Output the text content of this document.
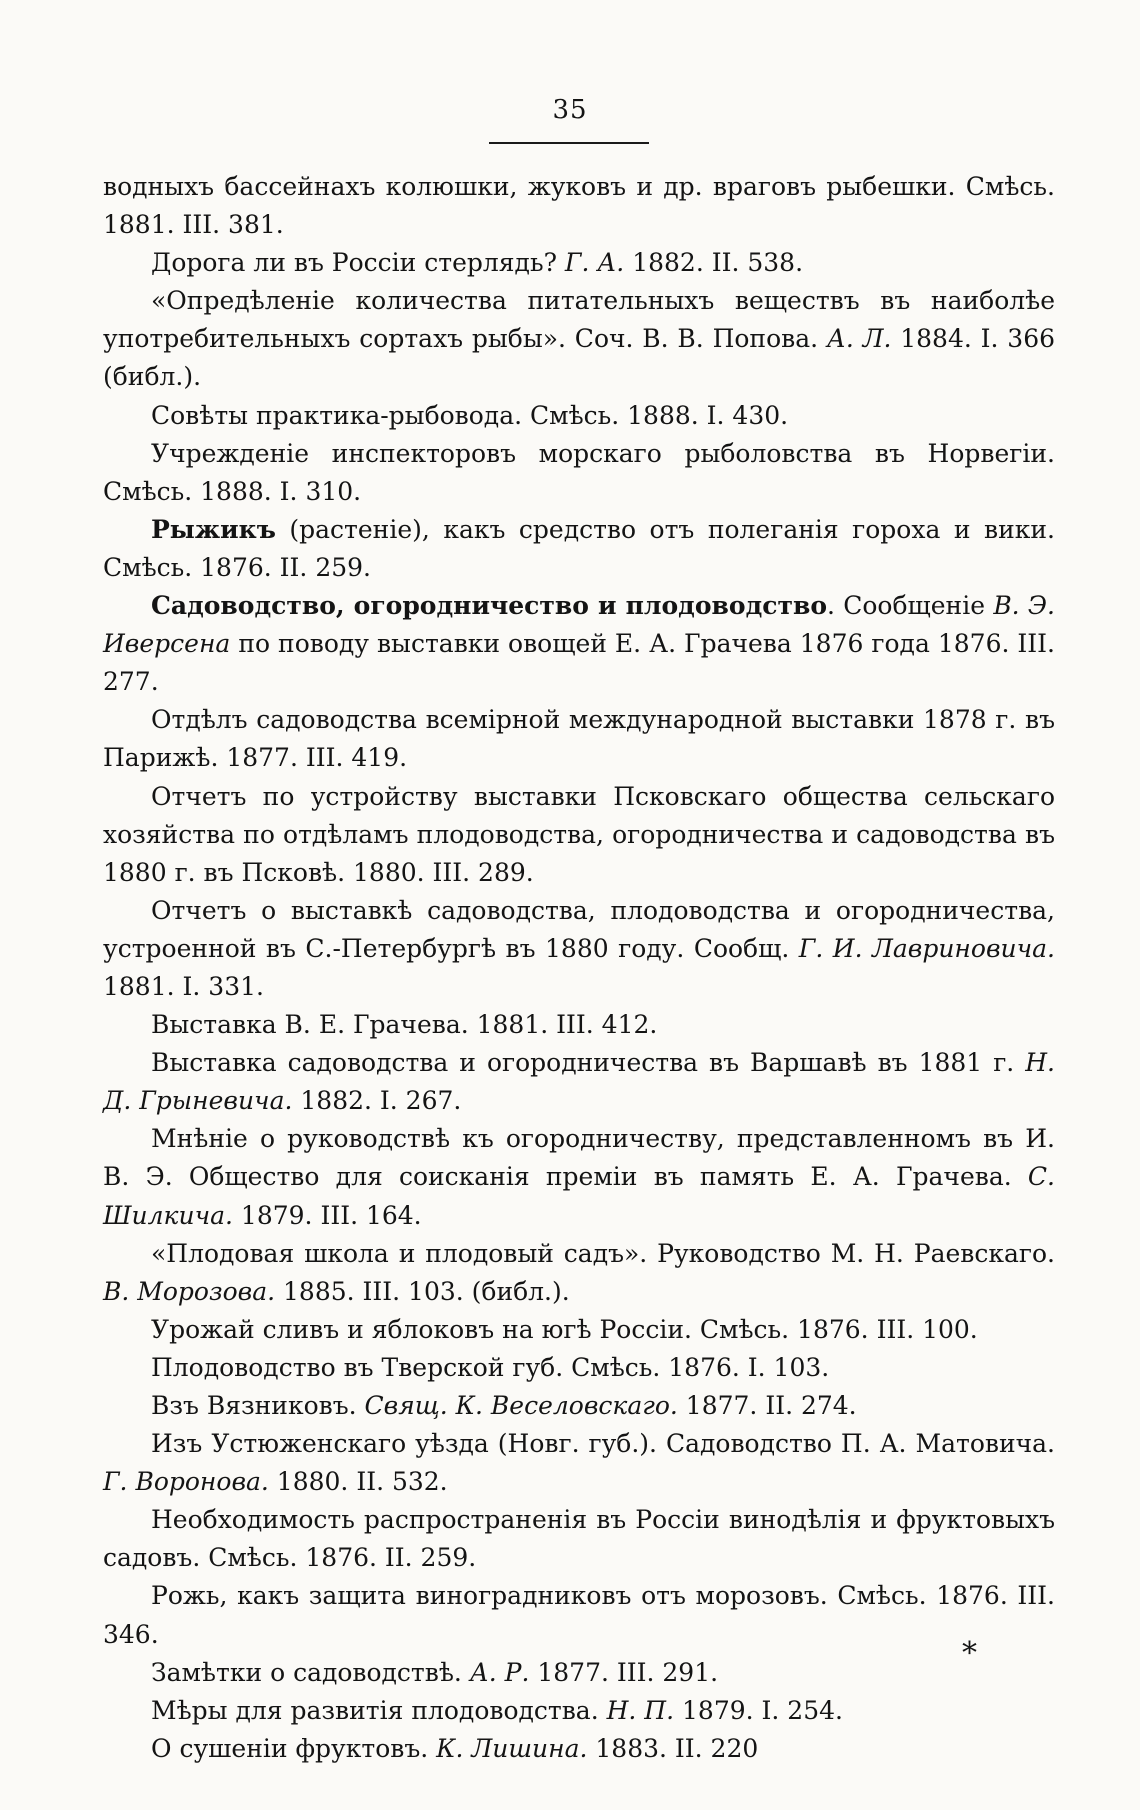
35

водныхъ бассейнахъ колюшки, жуковъ и др. враговъ рыбешки. Смѣсь. 1881. III. 381.

Дорога ли въ Россіи стерлядь? Г. А. 1882. II. 538.

«Опредѣленіе количества питательныхъ веществъ въ наиболѣе употребительныхъ сортахъ рыбы». Соч. В. В. Попова. А. Л. 1884. I. 366 (библ.).

Совѣты практика-рыбовода. Смѣсь. 1888. I. 430.

Учрежденіе инспекторовъ морскаго рыболовства въ Норвегіи. Смѣсь. 1888. I. 310.

Рыжикъ (растеніе), какъ средство отъ полеганія гороха и вики. Смѣсь. 1876. II. 259.

Садоводство, огородничество и плодоводство. Сообщеніе В. Э. Иверсена по поводу выставки овощей Е. А. Грачева 1876 года 1876. III. 277.

Отдѣлъ садоводства всемірной международной выставки 1878 г. въ Парижѣ. 1877. III. 419.

Отчетъ по устройству выставки Псковскаго общества сельскаго хозяйства по отдѣламъ плодоводства, огородничества и садоводства въ 1880 г. въ Псковѣ. 1880. III. 289.

Отчетъ о выставкѣ садоводства, плодоводства и огородничества, устроенной въ С.-Петербургѣ въ 1880 году. Сообщ. Г. И. Лавриновича. 1881. I. 331.

Выставка В. Е. Грачева. 1881. III. 412.

Выставка садоводства и огородничества въ Варшавѣ въ 1881 г. Н. Д. Грыневича. 1882. I. 267.

Мнѣніе о руководствѣ къ огородничеству, представленномъ въ И. В. Э. Общество для соисканія преміи въ память Е. А. Грачева. С. Шилкича. 1879. III. 164.

«Плодовая школа и плодовый садъ». Руководство М. Н. Раевскаго. В. Морозова. 1885. III. 103. (библ.).

Урожай сливъ и яблоковъ на югѣ Россіи. Смѣсь. 1876. III. 100.

Плодоводство въ Тверской губ. Смѣсь. 1876. I. 103.

Взъ Вязниковъ. Свящ. К. Веселовскаго. 1877. II. 274.

Изъ Устюженскаго уѣзда (Новг. губ.). Садоводство П. А. Матовича. Г. Воронова. 1880. II. 532.

Необходимость распространенія въ Россіи винодѣлія и фруктовыхъ садовъ. Смѣсь. 1876. II. 259.

Рожь, какъ защита виноградниковъ отъ морозовъ. Смѣсь. 1876. III. 346.

Замѣтки о садоводствѣ. А. Р. 1877. III. 291.

Мѣры для развитія плодоводства. Н. П. 1879. I. 254.

О сушеніи фруктовъ. К. Лишина. 1883. II. 220

*
